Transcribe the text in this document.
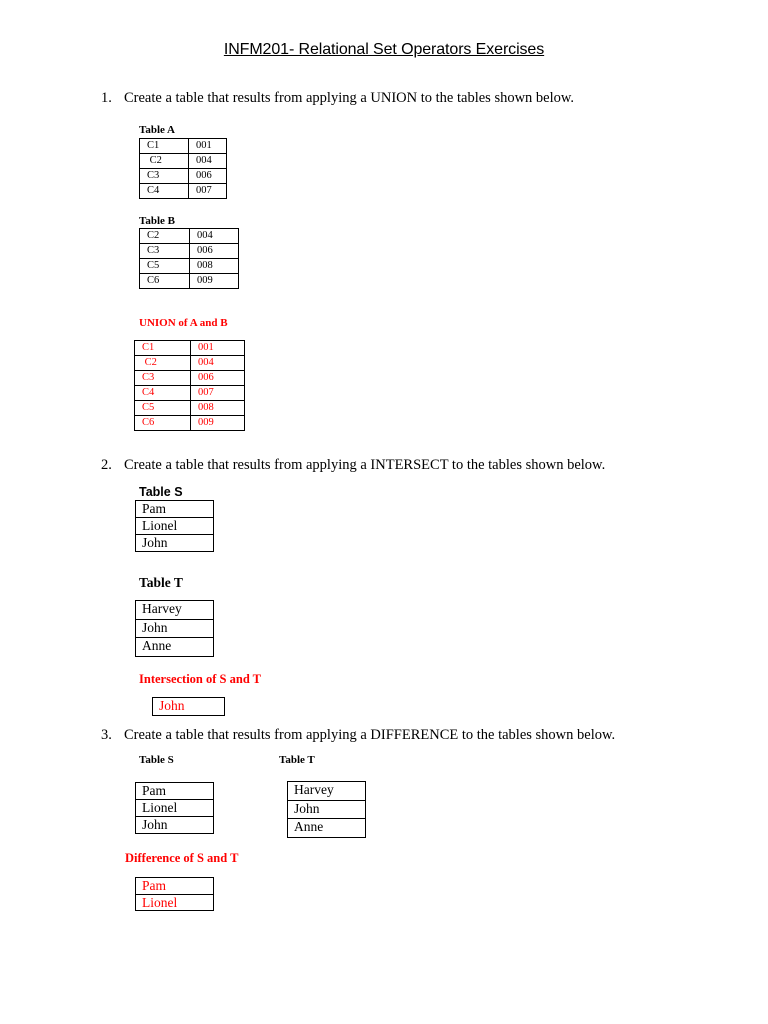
INFM201- Relational Set Operators Exercises
1. Create a table that results from applying a UNION to the tables shown below.
Table A
C1	001
C2	004
C3	006
C4	007
Table B
C2	004
C3	006
C5	008
C6	009
UNION of A and B
C1	001
C2	004
C3	006
C4	007
C5	008
C6	009
2. Create a table that results from applying a INTERSECT to the tables shown below.
Table S
Pam
Lionel
John
Table T
Harvey
John
Anne
Intersection of S and T
John
3. Create a table that results from applying a DIFFERENCE to the tables shown below.
Table S	Table T
Pam
Lionel
John
Harvey
John
Anne
Difference of S and T
Pam
Lionel
